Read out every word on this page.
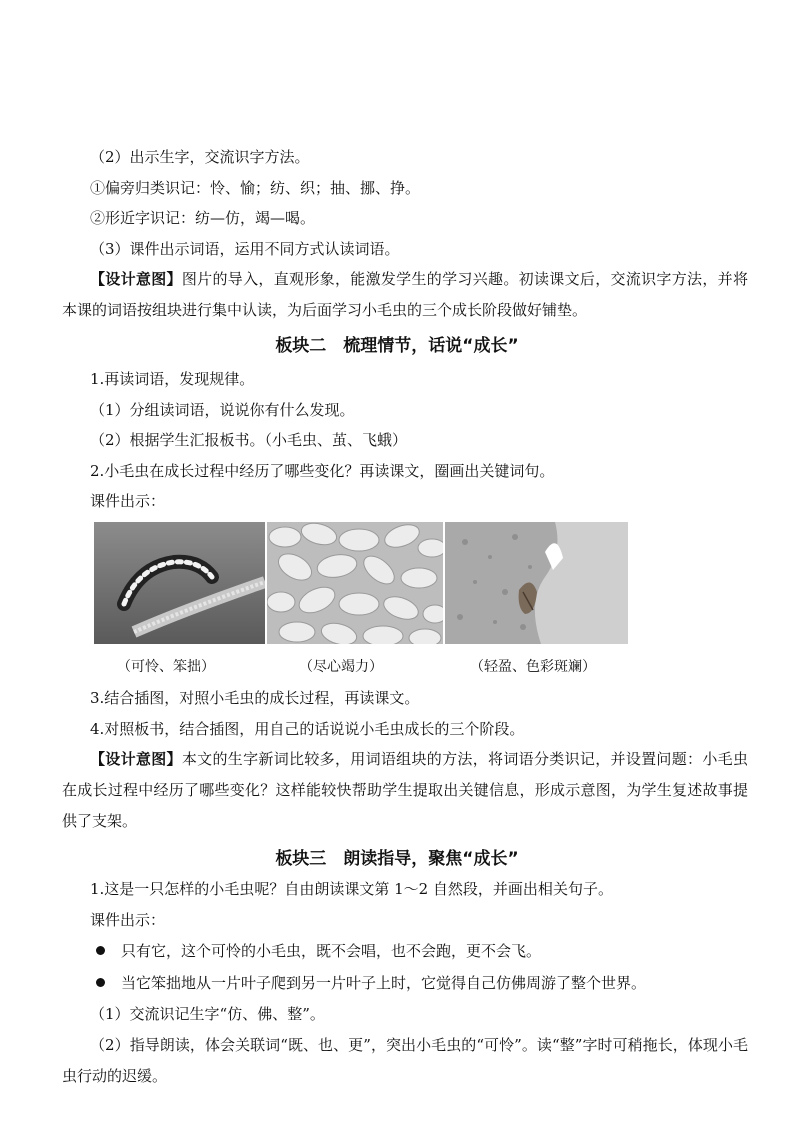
（2）出示生字，交流识字方法。
①偏旁归类识记：怜、愉；纺、织；抽、挪、挣。
②形近字识记：纺—仿，竭—喝。
（3）课件出示词语，运用不同方式认读词语。
【设计意图】图片的导入，直观形象，能激发学生的学习兴趣。初读课文后，交流识字方法，并将本课的词语按组块进行集中认读，为后面学习小毛虫的三个成长阶段做好铺垫。
板块二　梳理情节，话说“成长”
1.再读词语，发现规律。
（1）分组读词语，说说你有什么发现。
（2）根据学生汇报板书。（小毛虫、茧、飞蛾）
2.小毛虫在成长过程中经历了哪些变化？再读课文，圈画出关键词句。
课件出示：
（可怜、笨拙）	（尽心竭力）	（轻盈、色彩斑斓）
3.结合插图，对照小毛虫的成长过程，再读课文。
4.对照板书，结合插图，用自己的话说说小毛虫成长的三个阶段。
【设计意图】本文的生字新词比较多，用词语组块的方法，将词语分类识记，并设置问题：小毛虫在成长过程中经历了哪些变化？这样能较快帮助学生提取出关键信息，形成示意图，为学生复述故事提供了支架。
板块三　朗读指导，聚焦“成长”
1.这是一只怎样的小毛虫呢？自由朗读课文第 1～2 自然段，并画出相关句子。
课件出示：
只有它，这个可怜的小毛虫，既不会唱，也不会跑，更不会飞。
当它笨拙地从一片叶子爬到另一片叶子上时，它觉得自己仿佛周游了整个世界。
（1）交流识记生字“仿、佛、整”。
（2）指导朗读，体会关联词“既、也、更”，突出小毛虫的“可怜”。读“整”字时可稍拖长，体现小毛虫行动的迟缓。
